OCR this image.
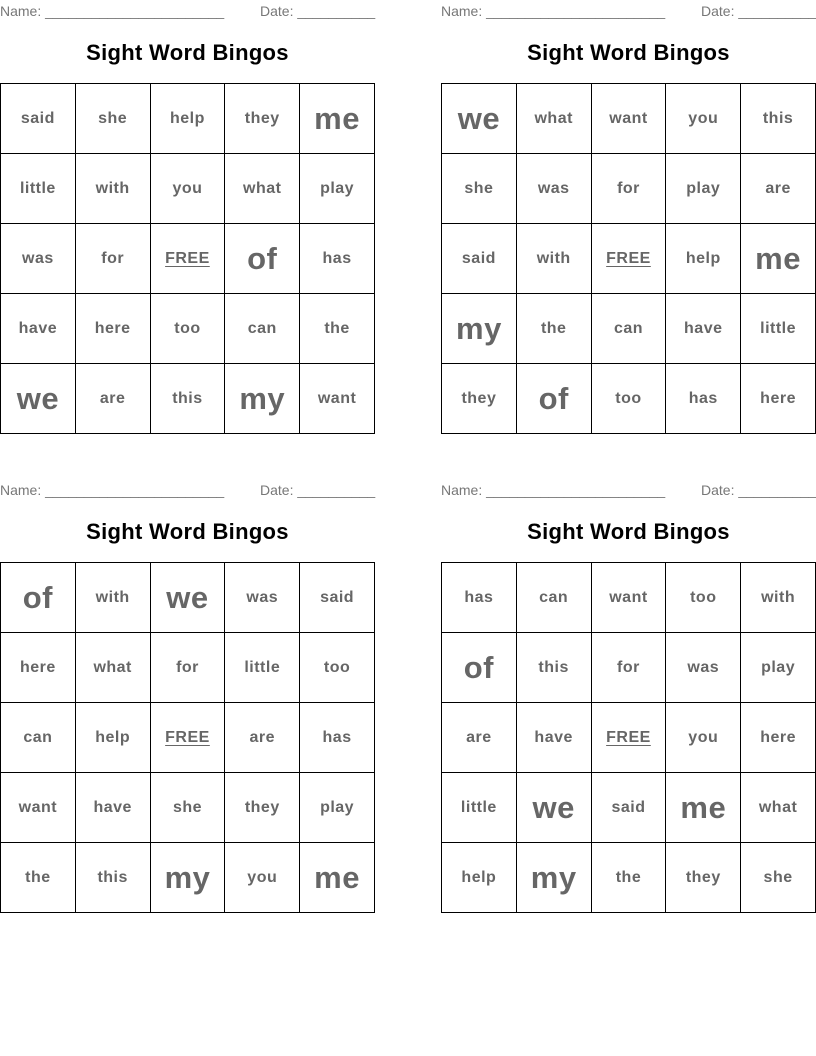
Name: _______________________	Date: __________
Sight Word Bingos
said	she	help	they	me
little	with	you	what	play
was	for	FREE	of	has
have	here	too	can	the
we	are	this	my	want
Name: _______________________	Date: __________
Sight Word Bingos
we	what	want	you	this
she	was	for	play	are
said	with	FREE	help	me
my	the	can	have	little
they	of	too	has	here
Name: _______________________	Date: __________
Sight Word Bingos
of	with	we	was	said
here	what	for	little	too
can	help	FREE	are	has
want	have	she	they	play
the	this	my	you	me
Name: _______________________	Date: __________
Sight Word Bingos
has	can	want	too	with
of	this	for	was	play
are	have	FREE	you	here
little	we	said	me	what
help	my	the	they	she
